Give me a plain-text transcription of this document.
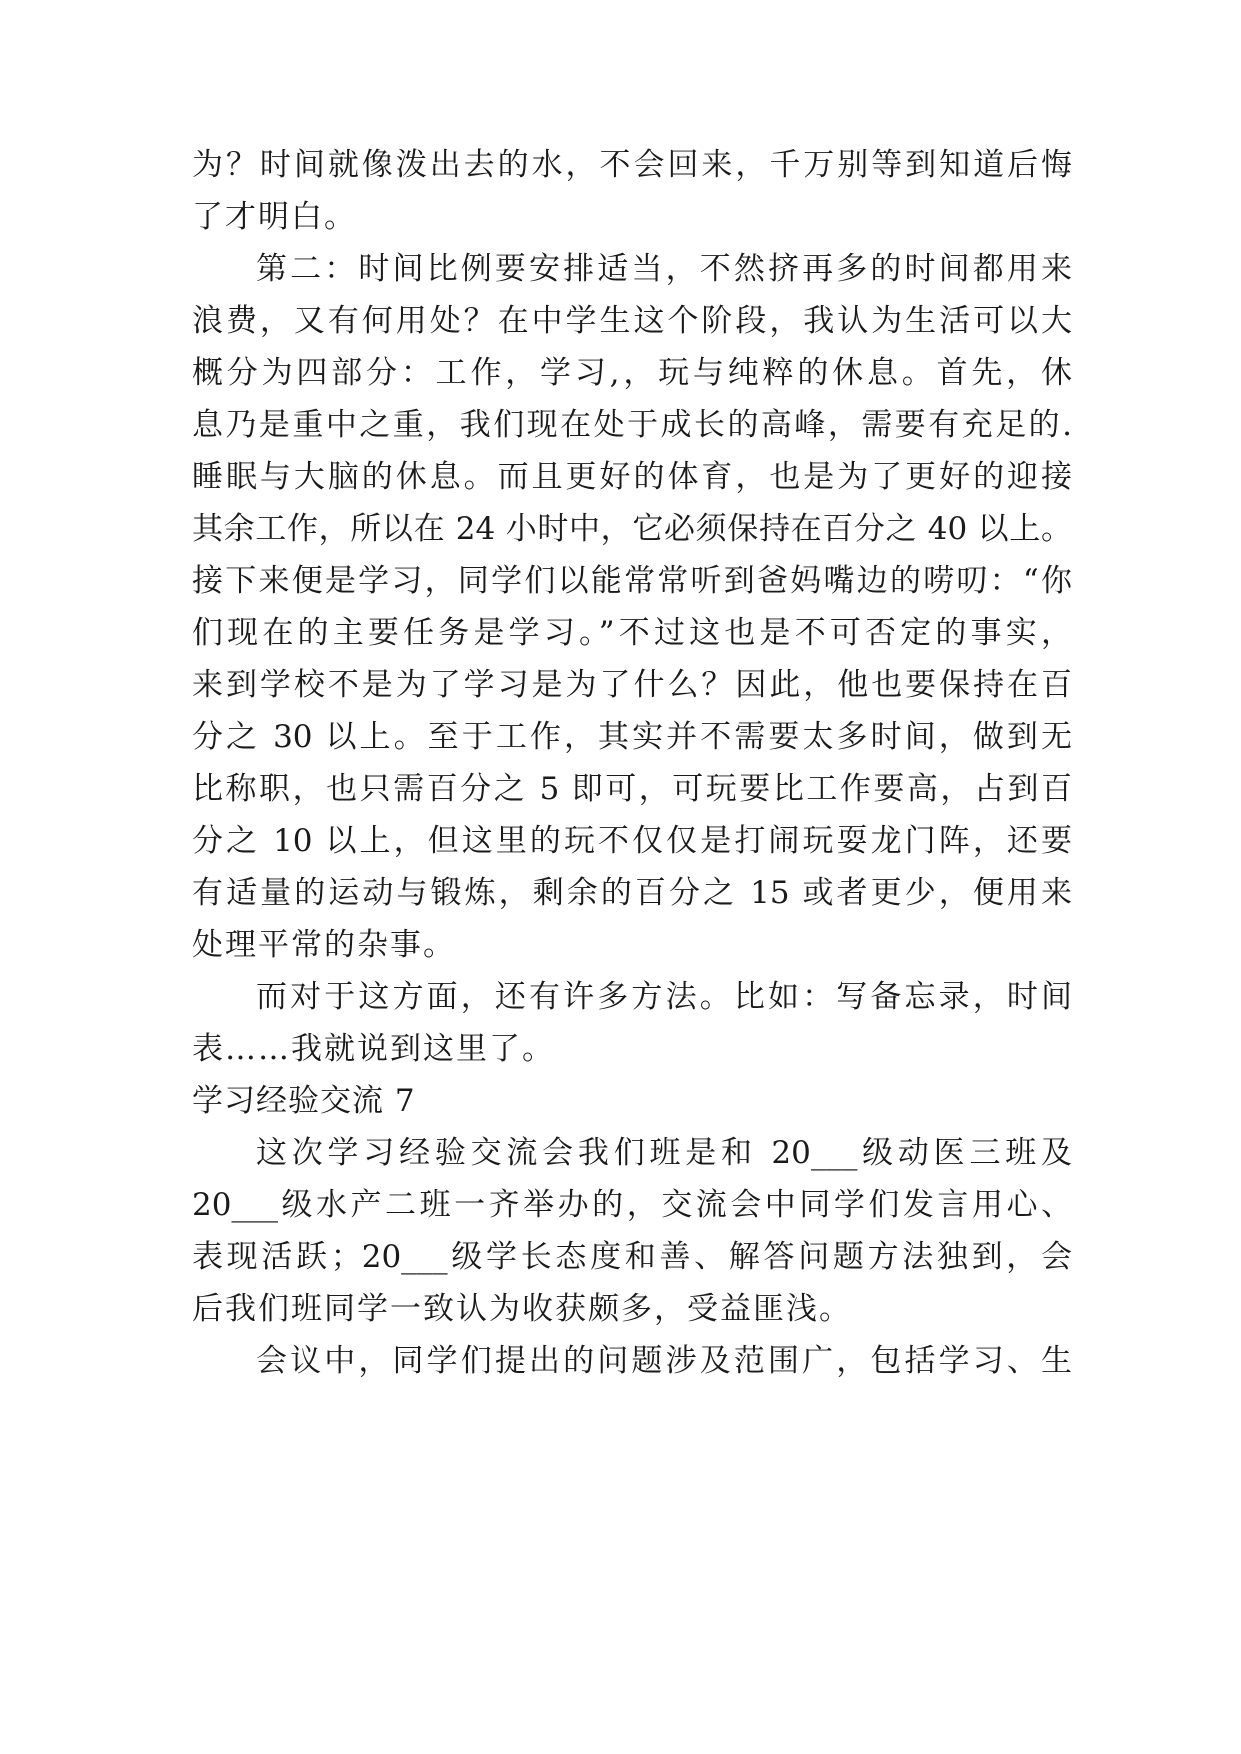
为？时间就像泼出去的水，不会回来，千万别等到知道后悔
了才明白。
第二：时间比例要安排适当，不然挤再多的时间都用来
浪费，又有何用处？在中学生这个阶段，我认为生活可以大
概分为四部分：工作，学习,，玩与纯粹的休息。首先，休
息乃是重中之重，我们现在处于成长的高峰，需要有充足的.
睡眠与大脑的休息。而且更好的体育，也是为了更好的迎接
其余工作，所以在 24 小时中，它必须保持在百分之 40 以上。
接下来便是学习，同学们以能常常听到爸妈嘴边的唠叨：“你
们现在的主要任务是学习。”不过这也是不可否定的事实，
来到学校不是为了学习是为了什么？因此，他也要保持在百
分之 30 以上。至于工作，其实并不需要太多时间，做到无
比称职，也只需百分之 5 即可，可玩要比工作要高，占到百
分之 10 以上，但这里的玩不仅仅是打闹玩耍龙门阵，还要
有适量的运动与锻炼，剩余的百分之 15 或者更少，便用来
处理平常的杂事。
而对于这方面，还有许多方法。比如：写备忘录，时间
表……我就说到这里了。
学习经验交流 7
这次学习经验交流会我们班是和 20___级动医三班及
20___级水产二班一齐举办的，交流会中同学们发言用心、
表现活跃；20___级学长态度和善、解答问题方法独到，会
后我们班同学一致认为收获颇多，受益匪浅。
会议中，同学们提出的问题涉及范围广，包括学习、生
